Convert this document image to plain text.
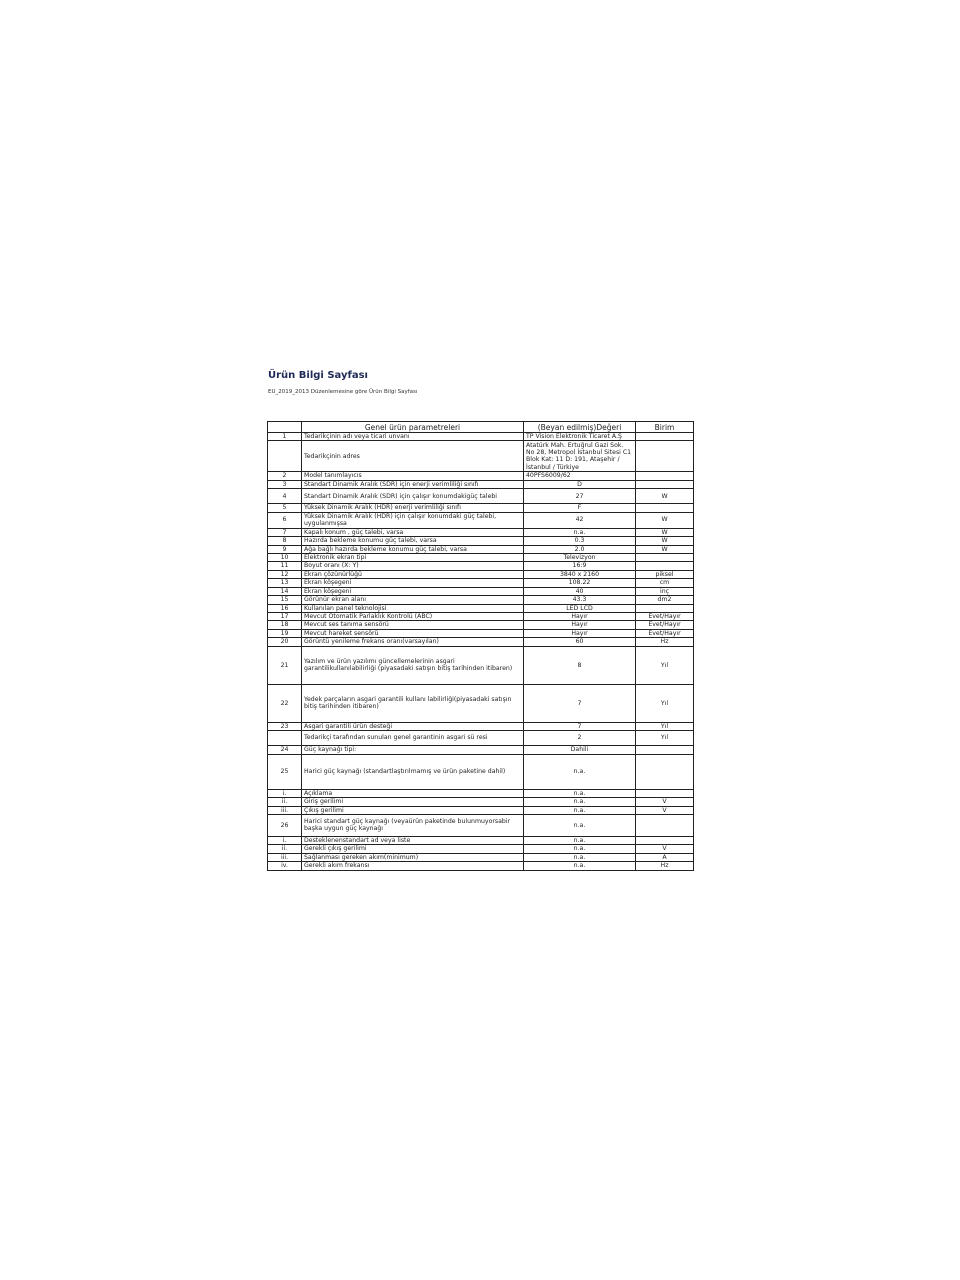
Ürün Bilgi Sayfası
EU_2019_2013 Düzenlemesine göre Ürün Bilgi Sayfası
	Genel ürün parametreleri	(Beyan edilmiş)Değeri	Birim
1	Tedarikçinin adı veya ticari unvanı	TP Vision Elektronik Ticaret A.Ş	
	Tedarikçinin adres	Atatürk Mah. Ertuğrul Gazi Sok. No 28, Metropol İstanbul Sitesi C1 Blok Kat: 11 D: 191, Ataşehir / İstanbul / Türkiye	
2	Model tanımlayıcıs	40PFS6009/62	
3	Standart Dinamik Aralık (SDR) için enerji verimliliği sınıfı	D	
4	Standart Dinamik Aralık (SDR) için çalışır konumdakigüç talebi	27	W
5	Yüksek Dinamik Aralık (HDR) enerji verimliliği sınıfı	F	
6	Yüksek Dinamik Aralık (HDR) için çalışır konumdaki güç talebi, uygulanmışsa	42	W
7	Kapalı konum , güç talebi, varsa	n.a.	W
8	Hazırda bekleme konumu güç talebi, varsa	0.3	W
9	Ağa bağlı hazırda bekleme konumu güç talebi, varsa	2.0	W
10	Elektronik ekran tipi	Televizyon	
11	Boyut oranı (X: Y)	16:9	
12	Ekran çözünürlüğü	3840 x 2160	piksel
13	Ekran köşegeni	108.22	cm
14	Ekran köşegeni	40	inç
15	Görünür ekran alanı	43.3	dm2
16	Kullanılan panel teknolojisi	LED LCD	
17	Mevcut Otomatik Parlaklık Kontrolü (ABC)	Hayır	Evet/Hayır
18	Mevcut ses tanıma sensörü	Hayır	Evet/Hayır
19	Mevcut hareket sensörü	Hayır	Evet/Hayır
20	Görüntü yenileme frekans oranı(varsayılan)	60	Hz
21	Yazılım ve ürün yazılımı güncellemelerinin asgari garantilikullanılabilirliği (piyasadaki satışın bitiş tarihinden itibaren)	8	Yıl
22	Yedek parçaların asgari garantili kullanı labilirliği(piyasadaki satışın bitiş tarihinden itibaren)	7	Yıl
23	Asgari garantili ürün desteği	7	Yıl
	Tedarikçi tarafından sunulan genel garantinin asgari sü resi	2	Yıl
24	Güç kaynağı tipi:	Dahili	
25	Harici güç kaynağı (standartlaştırılmamış ve ürün paketine dahil)	n.a.	
i.	Açıklama	n.a.	
ii.	Giriş gerilimi	n.a.	V
iii.	Çıkış gerilimi	n.a.	V
26	Harici standart güç kaynağı (veyaürün paketinde bulunmuyorsabir başka uygun güç kaynağı	n.a.	
i.	Desteklenenstandart ad veya liste	n.a.	
ii.	Gerekli çıkış gerilimi	n.a.	V
iii.	Sağlanması gereken akım(minimum)	n.a.	A
iv.	Gerekli akım frekansı	n.a.	Hz
